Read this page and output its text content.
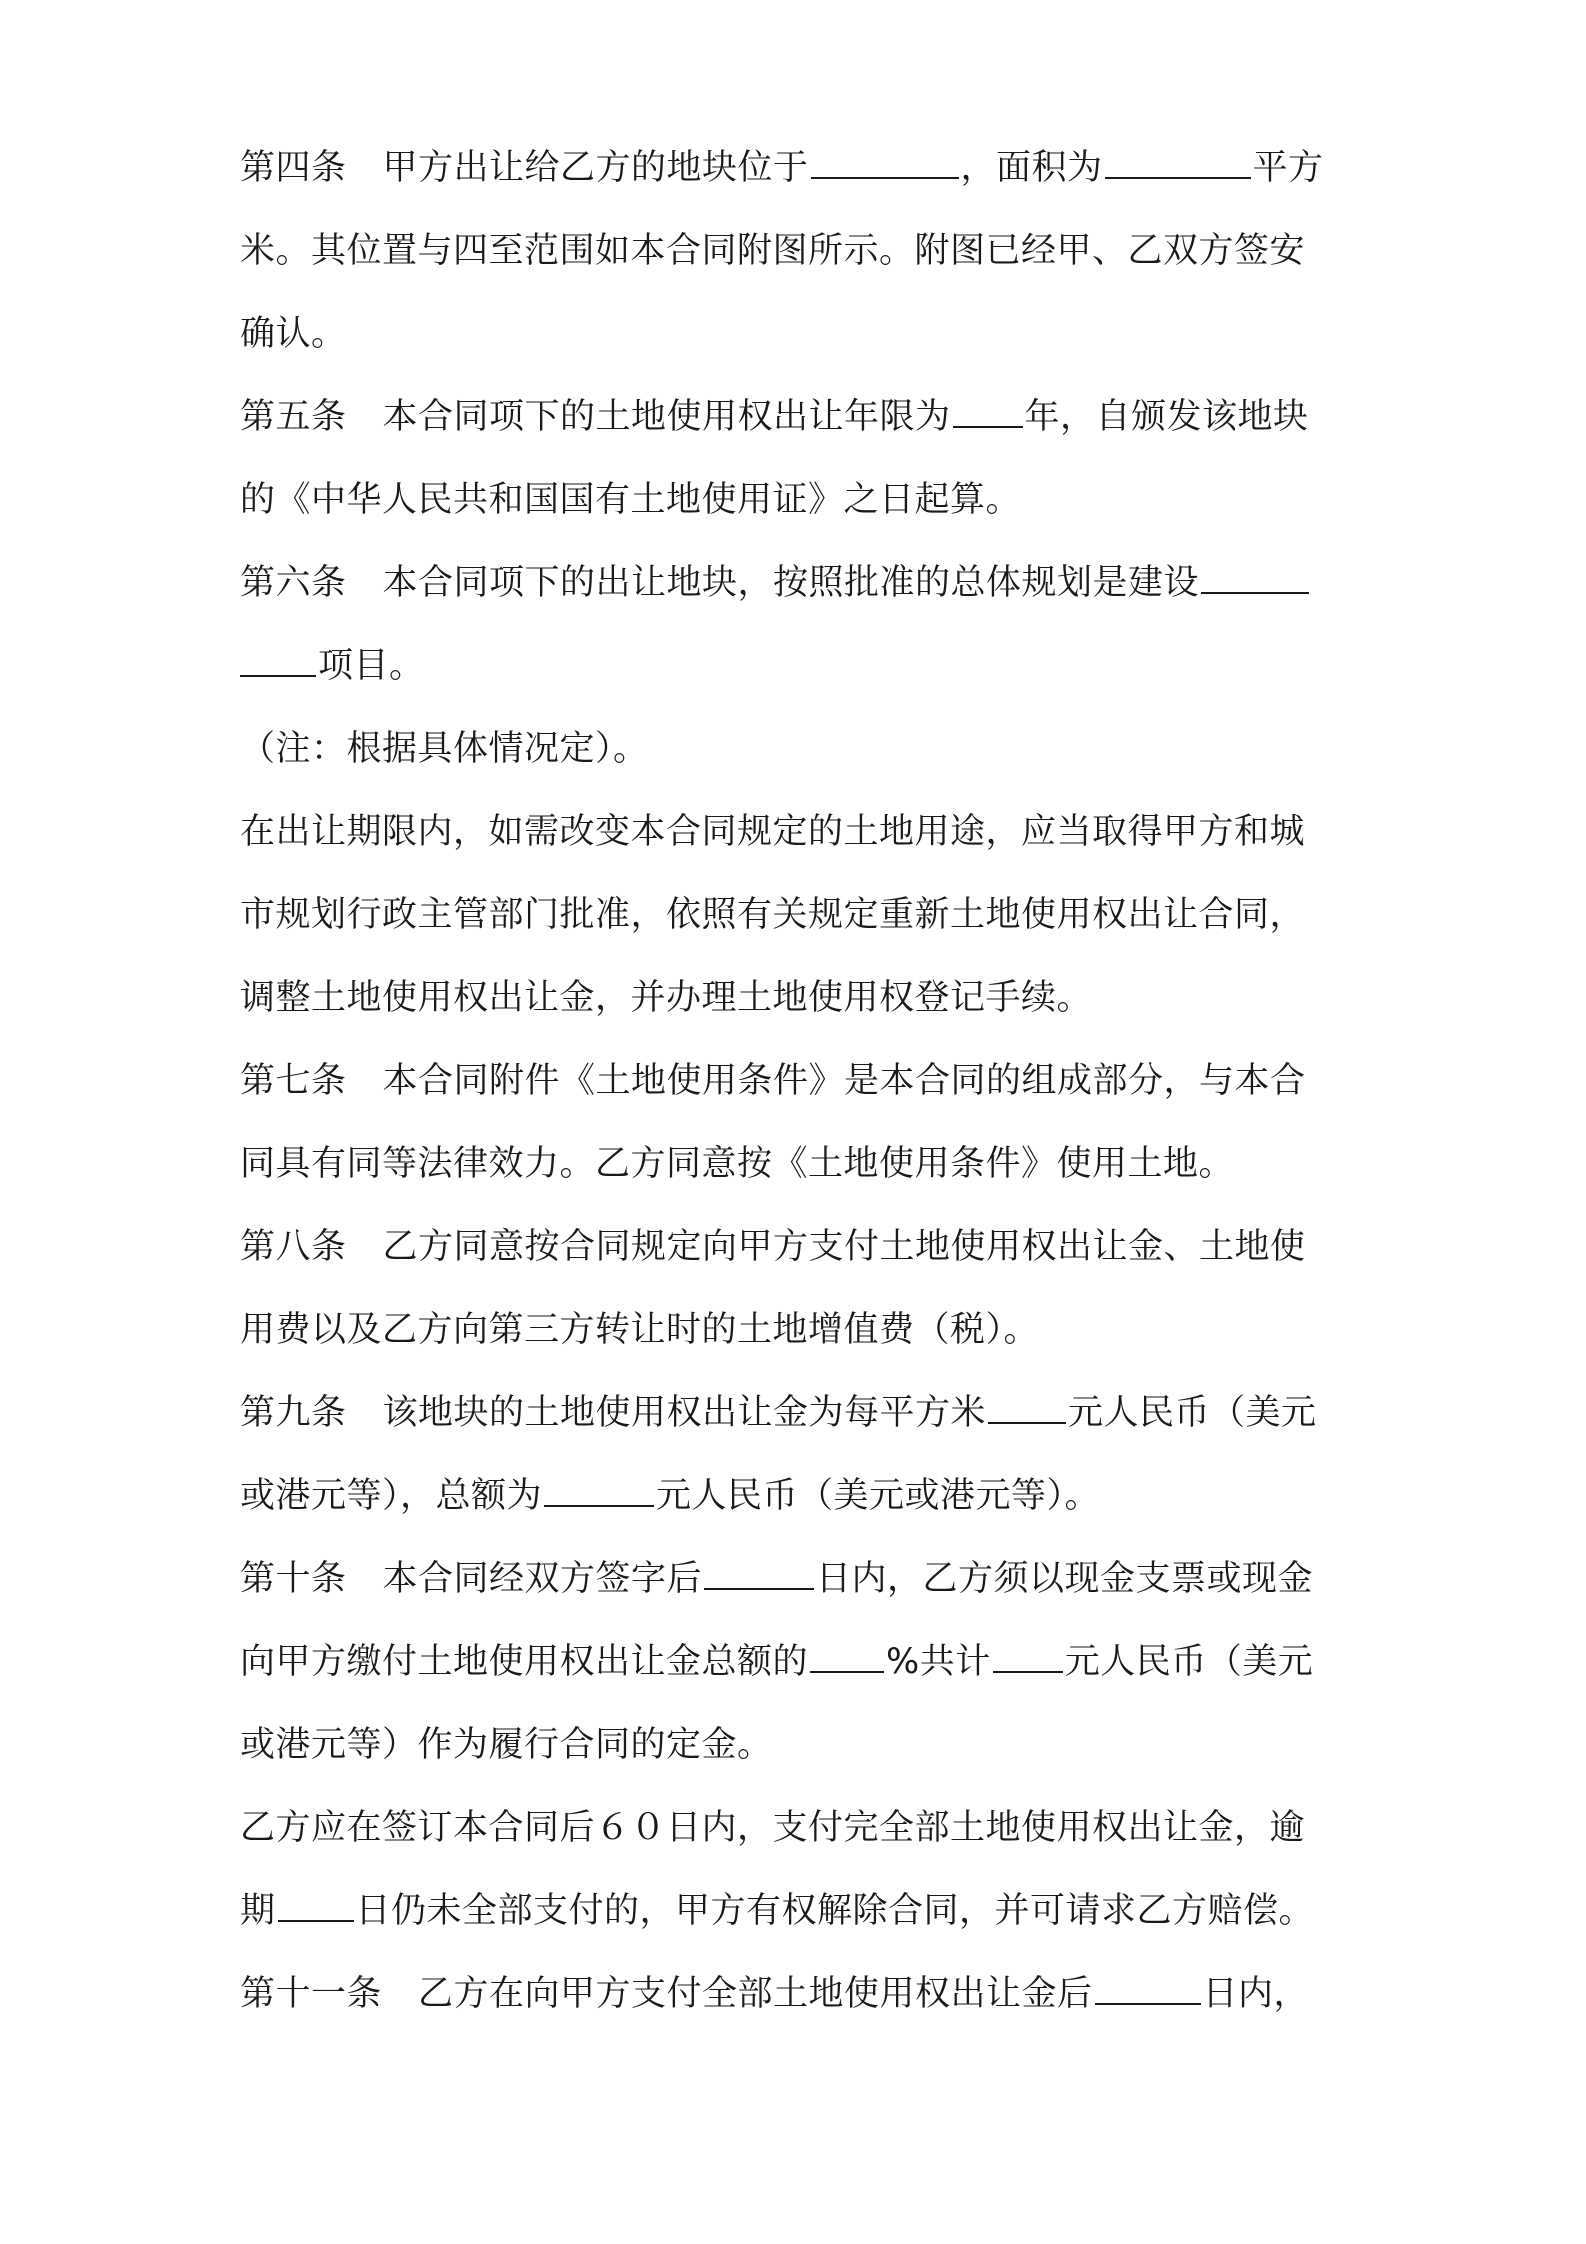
第四条 甲方出让给乙方的地块位于	，面积为	平方
米。其位置与四至范围如本合同附图所示。附图已经甲、乙双方签安
确认。
第五条 本合同项下的土地使用权出让年限为 年，自颁发该地块
的《中华人民共和国国有土地使用证》之日起算。
第六条 本合同项下的出让地块，按照批准的总体规划是建设
项目。
（注：根据具体情况定）。
在出让期限内，如需改变本合同规定的土地用途，应当取得甲方和城
市规划行政主管部门批准，依照有关规定重新土地使用权出让合同，
调整土地使用权出让金，并办理土地使用权登记手续。
第七条 本合同附件《土地使用条件》是本合同的组成部分，与本合
同具有同等法律效力。乙方同意按《土地使用条件》使用土地。
第八条 乙方同意按合同规定向甲方支付土地使用权出让金、土地使
用费以及乙方向第三方转让时的土地增值费（税）。
第九条 该地块的土地使用权出让金为每平方米 元人民币（美元
或港元等），总额为	元人民币（美元或港元等）。
第十条 本合同经双方签字后	日内，乙方须以现金支票或现金
向甲方缴付土地使用权出让金总额的 %共计 元人民币（美元
或港元等）作为履行合同的定金。
乙方应在签订本合同后６０日内，支付完全部土地使用权出让金，逾
期 日仍未全部支付的，甲方有权解除合同，并可请求乙方赔偿。
第十一条 乙方在向甲方支付全部土地使用权出让金后	日内，
